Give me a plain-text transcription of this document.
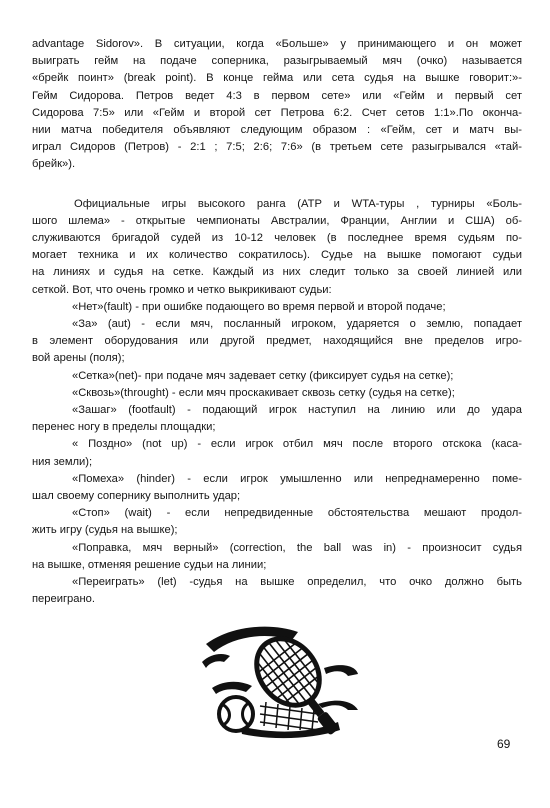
advantage Sidorov». В ситуации, когда «Больше» у принимающего и он может
выиграть гейм на подаче соперника, разыгрываемый мяч (очко) называется
«брейк поинт» (break point). В конце гейма или сета судья на вышке говорит:»-
Гейм Сидорова. Петров ведет 4:3 в первом сете» или «Гейм и первый сет
Сидорова 7:5» или «Гейм и второй сет Петрова 6:2. Счет сетов 1:1».По оконча-
нии матча победителя объявляют следующим образом : «Гейм, сет и матч вы-
играл Сидоров (Петров) - 2:1 ; 7:5; 2:6; 7:6» (в третьем сете разыгрывался «тай-
брейк»).
Официальные игры высокого ранга (АТР и WTA-туры , турниры «Боль-
шого шлема» - открытые чемпионаты Австралии, Франции, Англии и США) об-
служиваются бригадой судей из 10-12 человек (в последнее время судьям по-
могает техника и их количество сократилось). Судье на вышке помогают судьи
на линиях и судья на сетке. Каждый из них следит только за своей линией или
сеткой. Вот, что очень громко и четко выкрикивают судьи:
«Нет»(fault) - при ошибке подающего во время первой и второй подаче;
«За» (aut) - если мяч, посланный игроком, ударяется о землю, попадает
в элемент оборудования или другой предмет, находящийся вне пределов игро-
вой арены (поля);
«Сетка»(net)- при подаче мяч задевает сетку (фиксирует судья на сетке);
«Сквозь»(throught) - если мяч проскакивает сквозь сетку (судья на сетке);
«Зашаг» (footfault) - подающий игрок наступил на линию или до удара
перенес ногу в пределы площадки;
« Поздно» (not up) - если игрок отбил мяч после второго отскока (каса-
ния земли);
«Помеха» (hinder) - если игрок умышленно или непреднамеренно поме-
шал своему сопернику выполнить удар;
«Стоп» (wait) - если непредвиденные обстоятельства мешают продол-
жить игру (судья на вышке);
«Поправка, мяч верный» (correction, the ball was in) - произносит судья
на вышке, отменяя решение судьи на линии;
«Переиграть» (let) -судья на вышке определил, что очко должно быть
переиграно.
69
